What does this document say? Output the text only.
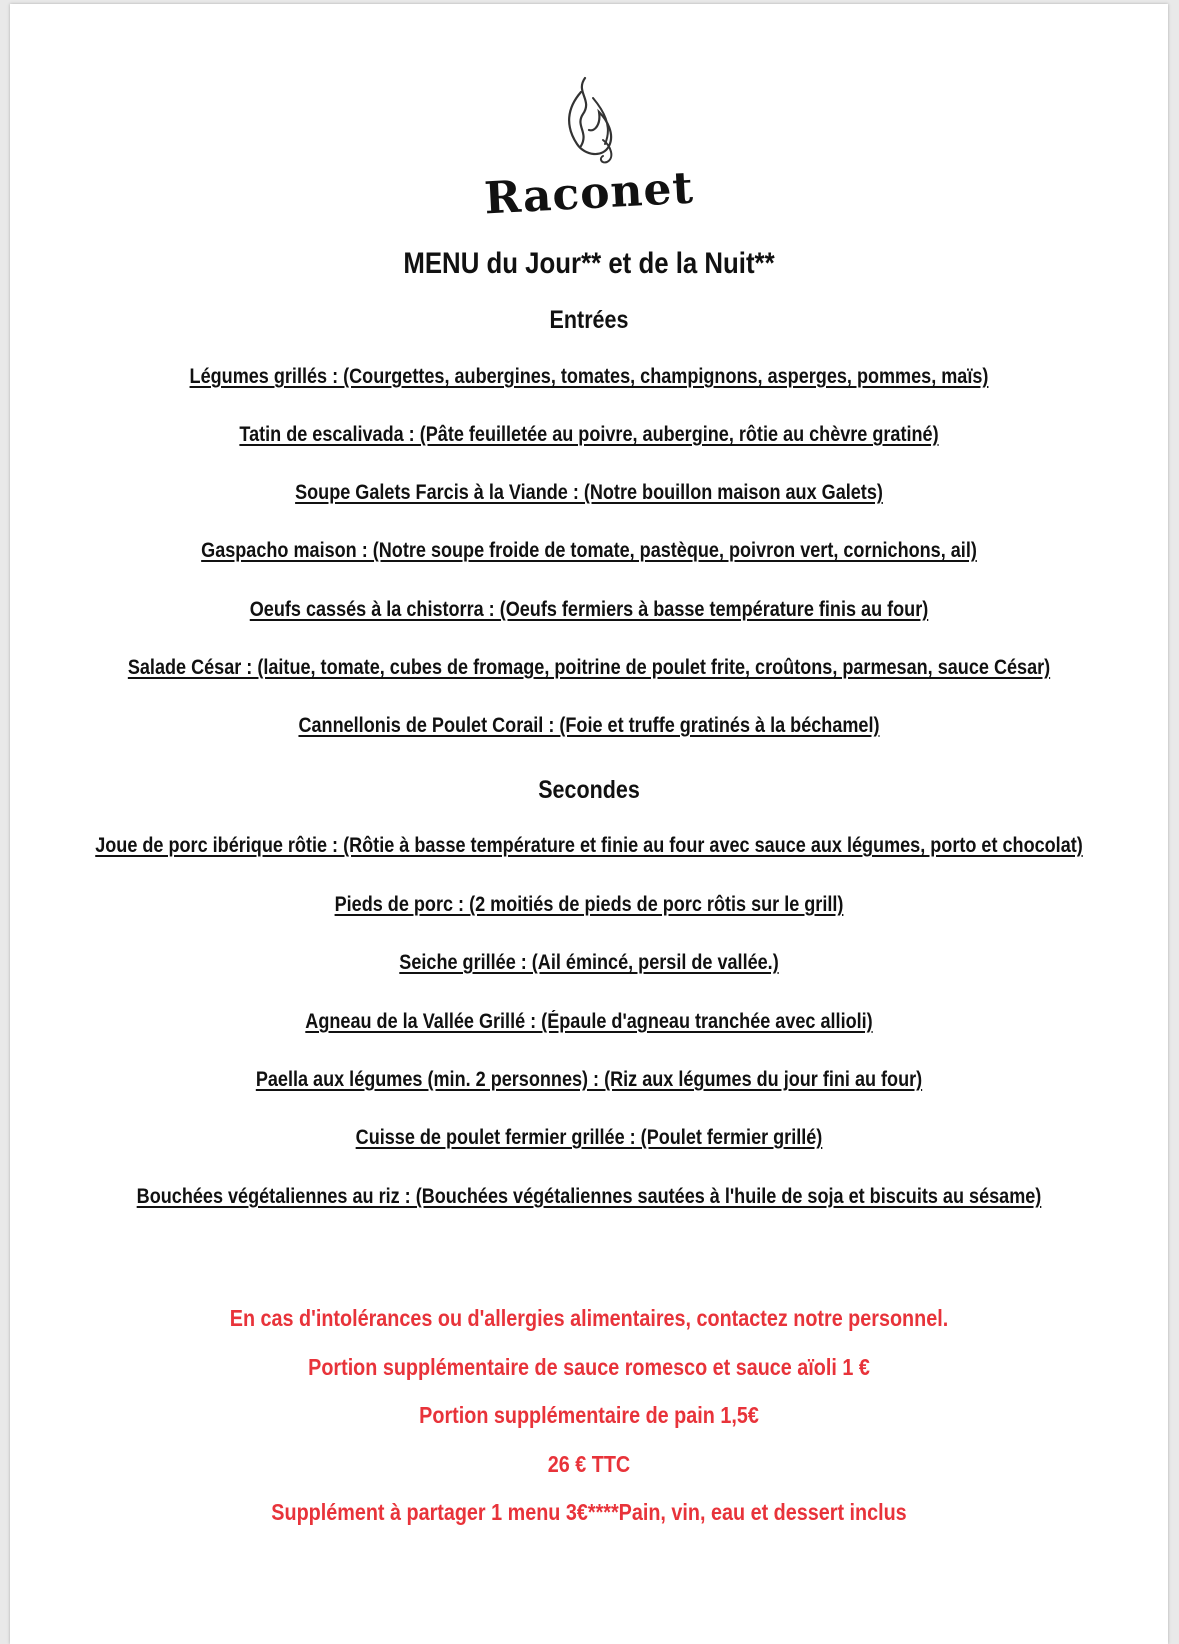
Raconet
MENU du Jour** et de la Nuit**
Entrées
Légumes grillés : (Courgettes, aubergines, tomates, champignons, asperges, pommes, maïs)
Tatin de escalivada : (Pâte feuilletée au poivre, aubergine, rôtie au chèvre gratiné)
Soupe Galets Farcis à la Viande : (Notre bouillon maison aux Galets)
Gaspacho maison : (Notre soupe froide de tomate, pastèque, poivron vert, cornichons, ail)
Oeufs cassés à la chistorra : (Oeufs fermiers à basse température finis au four)
Salade César : (laitue, tomate, cubes de fromage, poitrine de poulet frite, croûtons, parmesan, sauce César)
Cannellonis de Poulet Corail : (Foie et truffe gratinés à la béchamel)
Secondes
Joue de porc ibérique rôtie : (Rôtie à basse température et finie au four avec sauce aux légumes, porto et chocolat)
Pieds de porc : (2 moitiés de pieds de porc rôtis sur le grill)
Seiche grillée : (Ail émincé, persil de vallée.)
Agneau de la Vallée Grillé : (Épaule d'agneau tranchée avec allioli)
Paella aux légumes (min. 2 personnes) : (Riz aux légumes du jour fini au four)
Cuisse de poulet fermier grillée : (Poulet fermier grillé)
Bouchées végétaliennes au riz : (Bouchées végétaliennes sautées à l'huile de soja et biscuits au sésame)
En cas d'intolérances ou d'allergies alimentaires, contactez notre personnel.
Portion supplémentaire de sauce romesco et sauce aïoli 1 €
Portion supplémentaire de pain 1,5€
26 € TTC
Supplément à partager 1 menu 3€****Pain, vin, eau et dessert inclus
